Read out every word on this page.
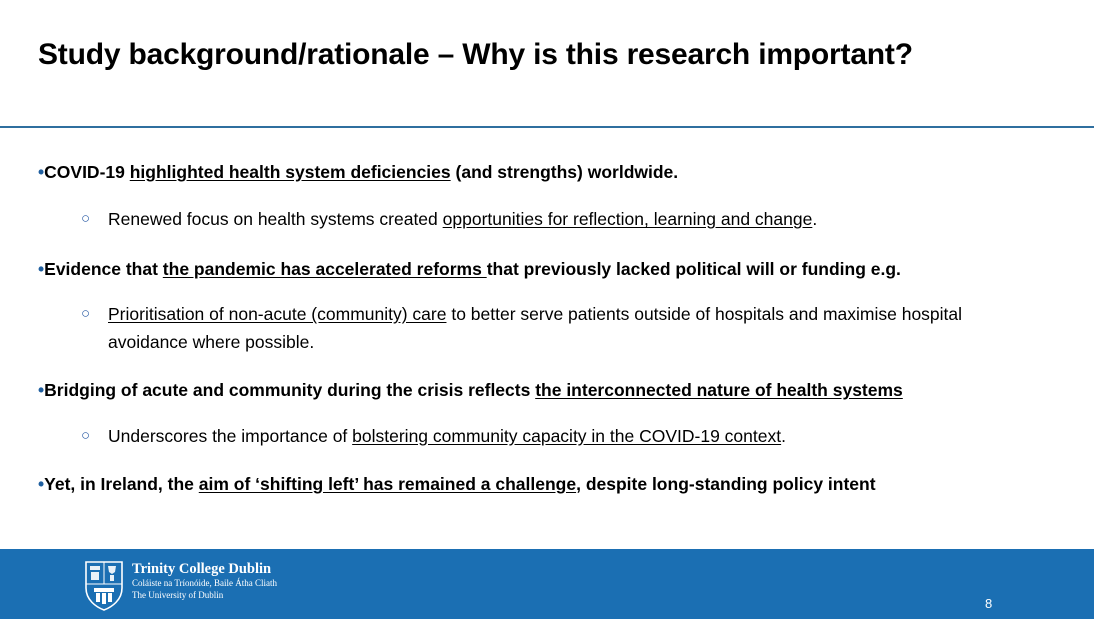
Study background/rationale – Why is this research important?
•COVID-19 highlighted health system deficiencies (and strengths) worldwide.
○ Renewed focus on health systems created opportunities for reflection, learning and change.
•Evidence that the pandemic has accelerated reforms that previously lacked political will or funding e.g.
○ Prioritisation of non-acute (community) care to better serve patients outside of hospitals and maximise hospital avoidance where possible.
•Bridging of acute and community during the crisis reflects the interconnected nature of health systems
○ Underscores the importance of bolstering community capacity in the COVID-19 context.
•Yet, in Ireland, the aim of ‘shifting left’ has remained a challenge, despite long-standing policy intent
Trinity College Dublin
Coláiste na Tríonóide, Baile Átha Cliath
The University of Dublin
8
